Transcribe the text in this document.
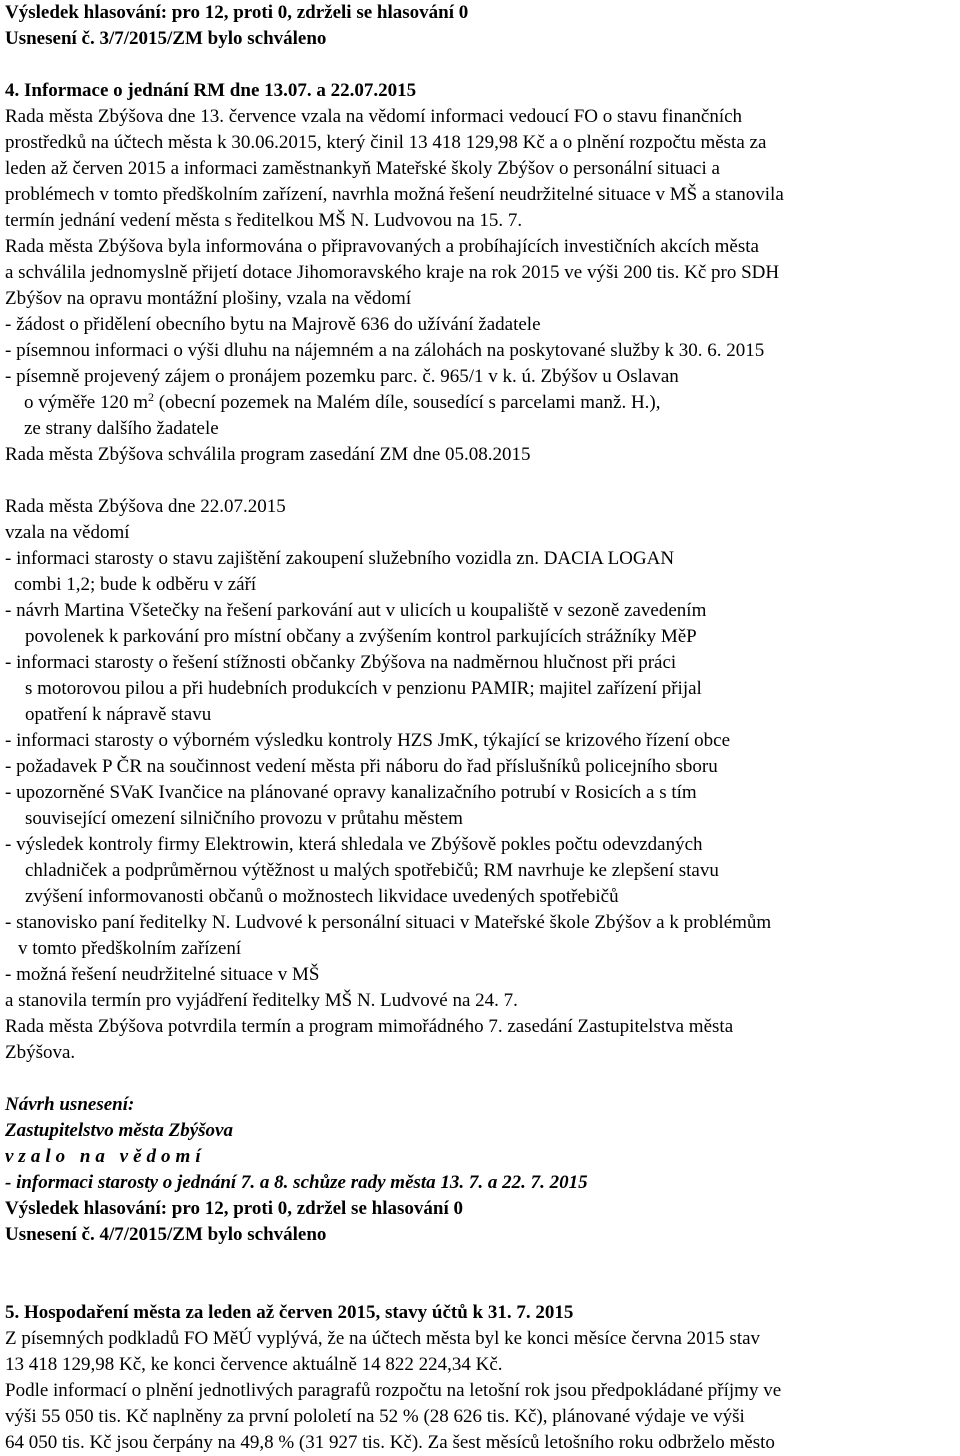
Výsledek hlasování: pro 12, proti 0, zdrželi se hlasování 0

Usnesení č. 3/7/2015/ZM bylo schváleno

4. Informace o jednání RM dne 13.07. a 22.07.2015

Rada města Zbýšova dne 13. července vzala na vědomí informaci vedoucí FO o stavu finančních

prostředků na účtech města k 30.06.2015, který činil 13 418 129,98 Kč a o plnění rozpočtu města za

leden až červen 2015 a informaci zaměstnankyň Mateřské školy Zbýšov o personální situaci a

problémech v tomto předškolním zařízení, navrhla možná řešení neudržitelné situace v MŠ a stanovila

termín jednání vedení města s ředitelkou MŠ N. Ludvovou na 15. 7.

Rada města Zbýšova byla informována o připravovaných a probíhajících investičních akcích města

a schválila jednomyslně přijetí dotace Jihomoravského kraje na rok 2015 ve výši 200 tis. Kč pro SDH

Zbýšov na opravu montážní plošiny, vzala na vědomí

- žádost o přidělení obecního bytu na Majrově 636 do užívání žadatele

- písemnou informaci o výši dluhu na nájemném a na zálohách na poskytované služby k 30. 6. 2015

- písemně projevený zájem o pronájem pozemku parc. č. 965/1 v k. ú. Zbýšov u Oslavan

o výměře 120 $m^2$ (obecní pozemek na Malém díle, sousedící s parcelami manž. H.),

ze strany dalšího žadatele

Rada města Zbýšova schválila program zasedání ZM dne 05.08.2015

Rada města Zbýšova dne 22.07.2015

vzala na vědomí

- informaci starosty o stavu zajištění zakoupení služebního vozidla zn. DACIA LOGAN

combi 1,2; bude k odběru v září

- návrh Martina Všetečky na řešení parkování aut v ulicích u koupaliště v sezoně zavedením

povolenek k parkování pro místní občany a zvýšením kontrol parkujících strážníky MěP

- informaci starosty o řešení stížnosti občanky Zbýšova na nadměrnou hlučnost při práci

s motorovou pilou a při hudebních produkcích v penzionu PAMIR; majitel zařízení přijal

opatření k nápravě stavu

- informaci starosty o výborném výsledku kontroly HZS JmK, týkající se krizového řízení obce

- požadavek P ČR na součinnost vedení města při náboru do řad příslušníků policejního sboru

- upozorněné SVaK Ivančice na plánované opravy kanalizačního potrubí v Rosicích a s tím

související omezení silničního provozu v průtahu městem

- výsledek kontroly firmy Elektrowin, která shledala ve Zbýšově pokles počtu odevzdaných

chladniček a podprůměrnou výtěžnost u malých spotřebičů; RM navrhuje ke zlepšení stavu

zvýšení informovanosti občanů o možnostech likvidace uvedených spotřebičů

- stanovisko paní ředitelky N. Ludvové k personální situaci v Mateřské škole Zbýšov a k problémům

v tomto předškolním zařízení

- možná řešení neudržitelné situace v MŠ

a stanovila termín pro vyjádření ředitelky MŠ N. Ludvové na 24. 7.

Rada města Zbýšova potvrdila termín a program mimořádného 7. zasedání Zastupitelstva města

Zbýšova.

Návrh usnesení:

Zastupitelstvo města Zbýšova

vzalo na vědomí

- informaci starosty o jednání 7. a 8. schůze rady města 13. 7. a 22. 7. 2015

Výsledek hlasování: pro 12, proti 0, zdržel se hlasování 0

Usnesení č. 4/7/2015/ZM bylo schváleno

5. Hospodaření města za leden až červen 2015, stavy účtů k 31. 7. 2015

Z písemných podkladů FO MěÚ vyplývá, že na účtech města byl ke konci měsíce června 2015 stav

13 418 129,98 Kč, ke konci července aktuálně 14 822 224,34 Kč.

Podle informací o plnění jednotlivých paragrafů rozpočtu na letošní rok jsou předpokládané příjmy ve

výši 55 050 tis. Kč naplněny za první pololetí na 52 % (28 626 tis. Kč), plánované výdaje ve výši

64 050 tis. Kč jsou čerpány na 49,8 % (31 927 tis. Kč). Za šest měsíců letošního roku odbrželo město
